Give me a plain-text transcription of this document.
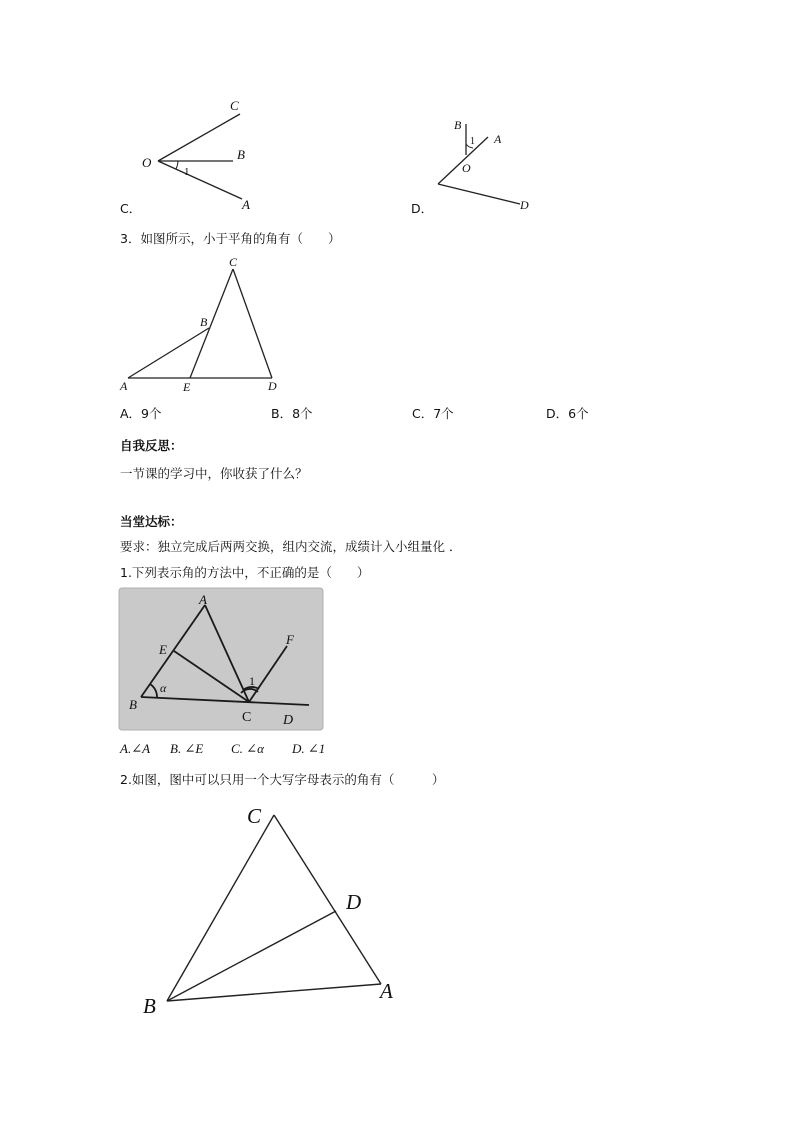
C
B
O
A
1
C．
B
A
O
D
1
D．
3．如图所示，小于平角的角有（　　）
C
B
A	E	D
A．9个	B．8个	C．7个	D．6个
自我反思：
一节课的学习中，你收获了什么？
当堂达标：
要求：独立完成后两两交换，组内交流，成绩计入小组量化 ．
1.下列表示角的方法中，不正确的是（　　）
A
E
F
α	1
B
C D
A.∠A B. ∠E C. ∠α D. ∠1
2.如图，图中可以只用一个大写字母表示的角有（　　　）
C
D
B
A
